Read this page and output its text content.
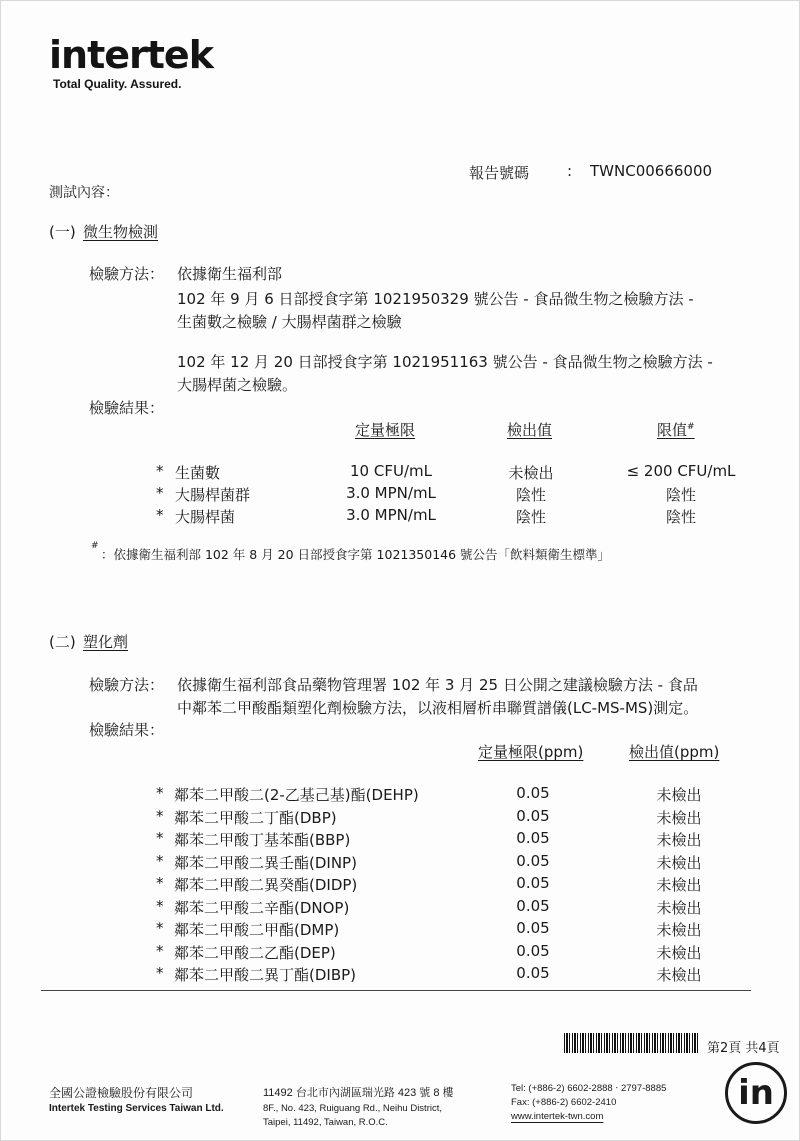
intertek
Total Quality. Assured.
報告號碼	: TWNC00666000
測試內容：
(一) 微生物檢測
檢驗方法： 依據衛生福利部
102 年 9 月 6 日部授食字第 1021950329 號公告 - 食品微生物之檢驗方法 -
生菌數之檢驗 / 大腸桿菌群之檢驗
102 年 12 月 20 日部授食字第 1021951163 號公告 - 食品微生物之檢驗方法 -
大腸桿菌之檢驗。
檢驗結果：
定量極限	檢出值	限值#
* 生菌數	10 CFU/mL	未檢出	≤ 200 CFU/mL
* 大腸桿菌群	3.0 MPN/mL	陰性	陰性
* 大腸桿菌	3.0 MPN/mL	陰性	陰性
#
：依據衛生福利部 102 年 8 月 20 日部授食字第 1021350146 號公告「飲料類衛生標準」
(二) 塑化劑
檢驗方法： 依據衛生福利部食品藥物管理署 102 年 3 月 25 日公開之建議檢驗方法 - 食品
中鄰苯二甲酸酯類塑化劑檢驗方法，以液相層析串聯質譜儀(LC-MS-MS)測定。
檢驗結果：
定量極限(ppm)	檢出值(ppm)
* 鄰苯二甲酸二(2-乙基己基)酯(DEHP)	0.05	未檢出
* 鄰苯二甲酸二丁酯(DBP)	0.05	未檢出
* 鄰苯二甲酸丁基苯酯(BBP)	0.05	未檢出
* 鄰苯二甲酸二異壬酯(DINP)	0.05	未檢出
* 鄰苯二甲酸二異癸酯(DIDP)	0.05	未檢出
* 鄰苯二甲酸二辛酯(DNOP)	0.05	未檢出
* 鄰苯二甲酸二甲酯(DMP)	0.05	未檢出
* 鄰苯二甲酸二乙酯(DEP)	0.05	未檢出
* 鄰苯二甲酸二異丁酯(DIBP)	0.05	未檢出
第2頁 共4頁
全國公證檢驗股份有限公司
Intertek Testing Services Taiwan Ltd.
11492 台北市內湖區瑞光路 423 號 8 樓
8F., No. 423, Ruiguang Rd., Neihu District,
Taipei, 11492, Taiwan, R.O.C.
Tel: (+886-2) 6602-2888 ‧ 2797-8885
Fax: (+886-2) 6602-2410
www.intertek-twn.com
in
